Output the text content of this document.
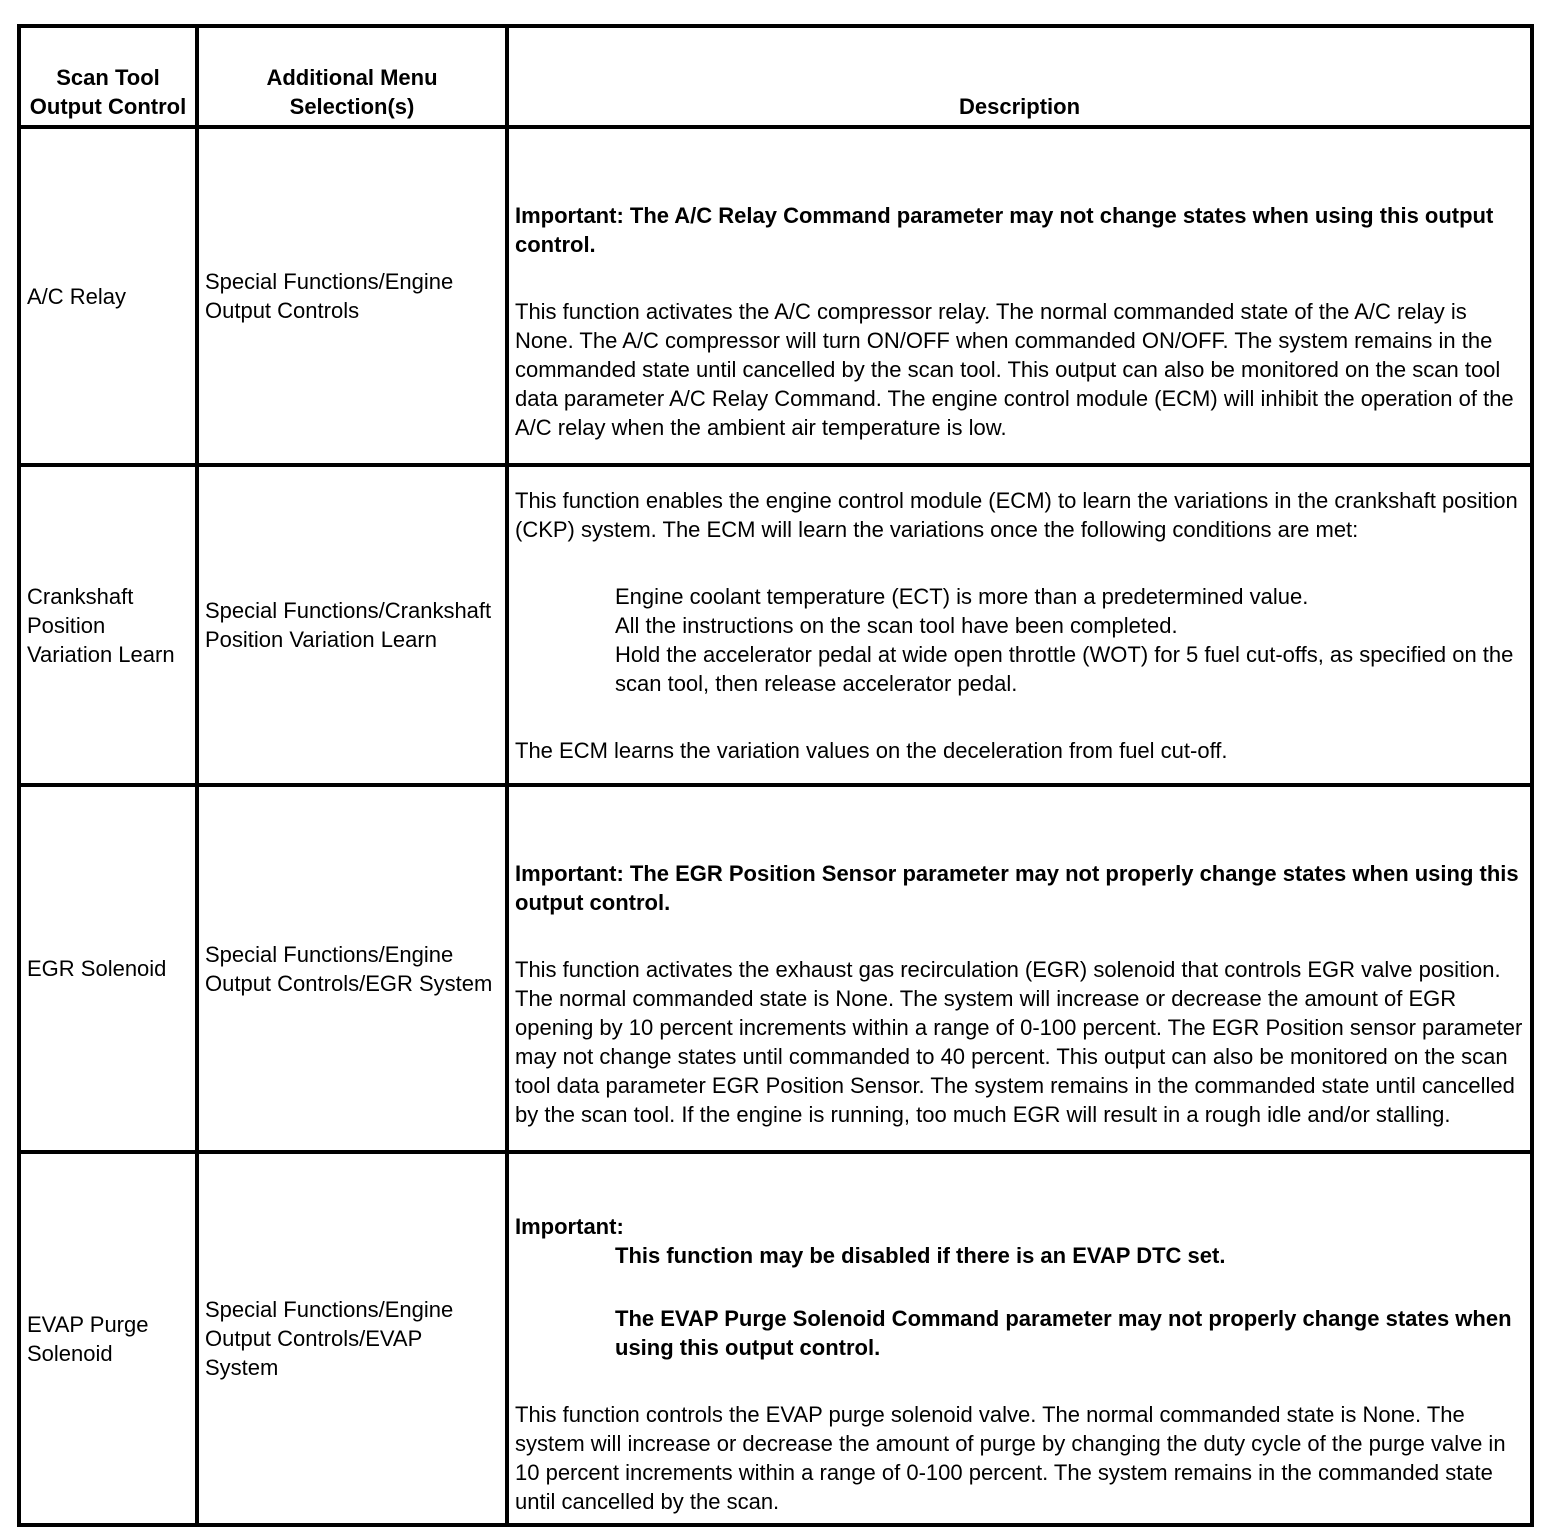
Scan Tool Output Control	Additional Menu Selection(s)	Description
A/C Relay	Special Functions/Engine Output Controls	Important: The A/C Relay Command parameter may not change states when using this output control.

This function activates the A/C compressor relay. The normal commanded state of the A/C relay is None. The A/C compressor will turn ON/OFF when commanded ON/OFF. The system remains in the commanded state until cancelled by the scan tool. This output can also be monitored on the scan tool data parameter A/C Relay Command. The engine control module (ECM) will inhibit the operation of the A/C relay when the ambient air temperature is low.

Crankshaft Position Variation Learn	Special Functions/Crankshaft Position Variation Learn	This function enables the engine control module (ECM) to learn the variations in the crankshaft position (CKP) system. The ECM will learn the variations once the following conditions are met:

Engine coolant temperature (ECT) is more than a predetermined value.

All the instructions on the scan tool have been completed.

Hold the accelerator pedal at wide open throttle (WOT) for 5 fuel cut-offs, as specified on the scan tool, then release accelerator pedal.

The ECM learns the variation values on the deceleration from fuel cut-off.

EGR Solenoid	Special Functions/Engine Output Controls/EGR System	Important: The EGR Position Sensor parameter may not properly change states when using this output control.

This function activates the exhaust gas recirculation (EGR) solenoid that controls EGR valve position. The normal commanded state is None. The system will increase or decrease the amount of EGR opening by 10 percent increments within a range of 0-100 percent. The EGR Position sensor parameter may not change states until commanded to 40 percent. This output can also be monitored on the scan tool data parameter EGR Position Sensor. The system remains in the commanded state until cancelled by the scan tool. If the engine is running, too much EGR will result in a rough idle and/or stalling.

EVAP Purge Solenoid	Special Functions/Engine Output Controls/EVAP System	Important:

This function may be disabled if there is an EVAP DTC set.

The EVAP Purge Solenoid Command parameter may not properly change states when using this output control.

This function controls the EVAP purge solenoid valve. The normal commanded state is None. The system will increase or decrease the amount of purge by changing the duty cycle of the purge valve in 10 percent increments within a range of 0-100 percent. The system remains in the commanded state until cancelled by the scan.
